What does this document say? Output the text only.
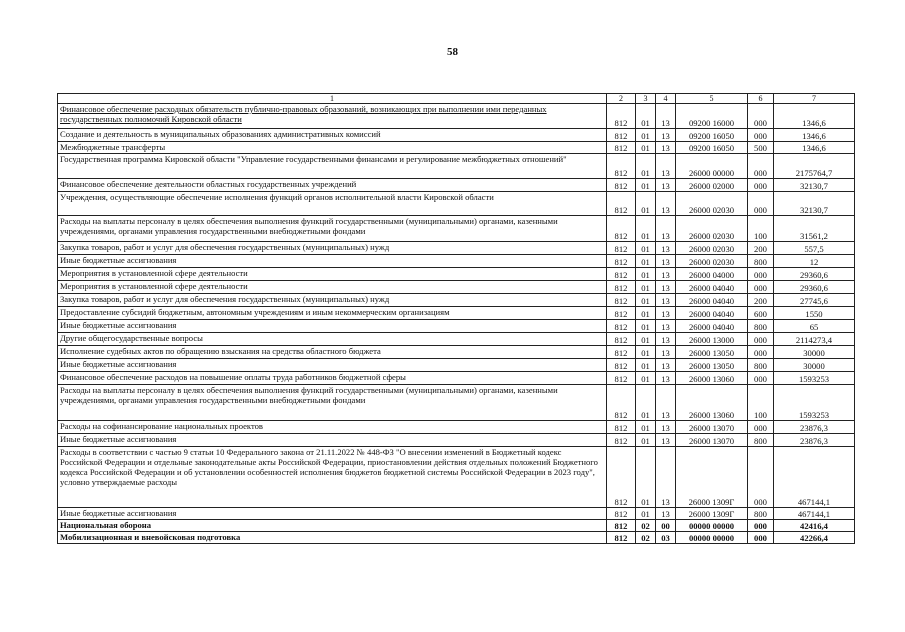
58
1	2	3	4	5	6	7
Финансовое обеспечение расходных обязательств публично-правовых образований, возникающих при выполнении ими переданных государственных полномочий Кировской области	812	01	13	09200 16000	000	1346,6
Создание и деятельность в муниципальных образованиях административных комиссий	812	01	13	09200 16050	000	1346,6
Межбюджетные трансферты	812	01	13	09200 16050	500	1346,6
Государственная программа Кировской области "Управление государственными финансами и регулирование межбюджетных отношений"	812	01	13	26000 00000	000	2175764,7
Финансовое обеспечение деятельности областных государственных учреждений	812	01	13	26000 02000	000	32130,7
Учреждения, осуществляющие обеспечение исполнения функций органов исполнительной власти Кировской области	812	01	13	26000 02030	000	32130,7
Расходы на выплаты персоналу в целях обеспечения выполнения функций государственными (муниципальными) органами, казенными учреждениями, органами управления государственными внебюджетными фондами	812	01	13	26000 02030	100	31561,2
Закупка товаров, работ и услуг для обеспечения государственных (муниципальных) нужд	812	01	13	26000 02030	200	557,5
Иные бюджетные ассигнования	812	01	13	26000 02030	800	12
Мероприятия в установленной сфере деятельности	812	01	13	26000 04000	000	29360,6
Мероприятия в установленной сфере деятельности	812	01	13	26000 04040	000	29360,6
Закупка товаров, работ и услуг для обеспечения государственных (муниципальных) нужд	812	01	13	26000 04040	200	27745,6
Предоставление субсидий бюджетным, автономным учреждениям и иным некоммерческим организациям	812	01	13	26000 04040	600	1550
Иные бюджетные ассигнования	812	01	13	26000 04040	800	65
Другие общегосударственные вопросы	812	01	13	26000 13000	000	2114273,4
Исполнение судебных актов по обращению взыскания на средства областного бюджета	812	01	13	26000 13050	000	30000
Иные бюджетные ассигнования	812	01	13	26000 13050	800	30000
Финансовое обеспечение расходов на повышение оплаты труда работников бюджетной сферы	812	01	13	26000 13060	000	1593253
Расходы на выплаты персоналу в целях обеспечения выполнения функций государственными (муниципальными) органами, казенными учреждениями, органами управления государственными внебюджетными фондами	812	01	13	26000 13060	100	1593253
Расходы на софинансирование национальных проектов	812	01	13	26000 13070	000	23876,3
Иные бюджетные ассигнования	812	01	13	26000 13070	800	23876,3
Расходы в соответствии с частью 9 статьи 10 Федерального закона от 21.11.2022 № 448-ФЗ "О внесении изменений в Бюджетный кодекс Российской Федерации и отдельные законодательные акты Российской Федерации, приостановлении действия отдельных положений Бюджетного кодекса Российской Федерации и об установлении особенностей исполнения бюджетов бюджетной системы Российской Федерации в 2023 году", условно утверждаемые расходы	812	01	13	26000 1309Г	000	467144,1
Иные бюджетные ассигнования	812	01	13	26000 1309Г	800	467144,1
Национальная оборона	812	02	00	00000 00000	000	42416,4
Мобилизационная и вневойсковая подготовка	812	02	03	00000 00000	000	42266,4
